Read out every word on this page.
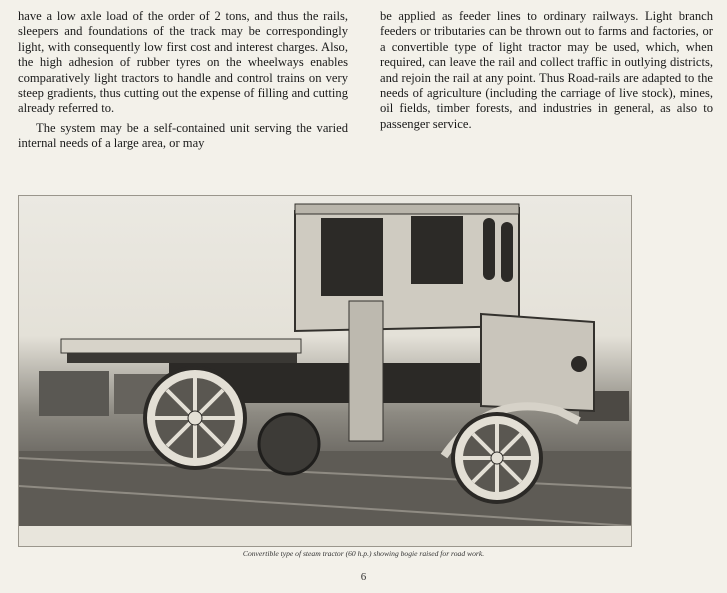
have a low axle load of the order of 2 tons, and thus the rails, sleepers and foundations of the track may be correspondingly light, with consequently low first cost and interest charges. Also, the high adhesion of rubber tyres on the wheelways enables comparatively light tractors to handle and control trains on very steep gradients, thus cutting out the expense of filling and cutting already referred to.

The system may be a self-contained unit serving the varied internal needs of a large area, or may

be applied as feeder lines to ordinary railways. Light branch feeders or tributaries can be thrown out to farms and factories, or a convertible type of light tractor may be used, which, when required, can leave the rail and collect traffic in outlying districts, and rejoin the rail at any point. Thus Road-rails are adapted to the needs of agriculture (including the carriage of live stock), mines, oil fields, timber forests, and industries in general, as also to passenger service.

Convertible type of steam tractor (60 h.p.) showing bogie raised for road work.
6
